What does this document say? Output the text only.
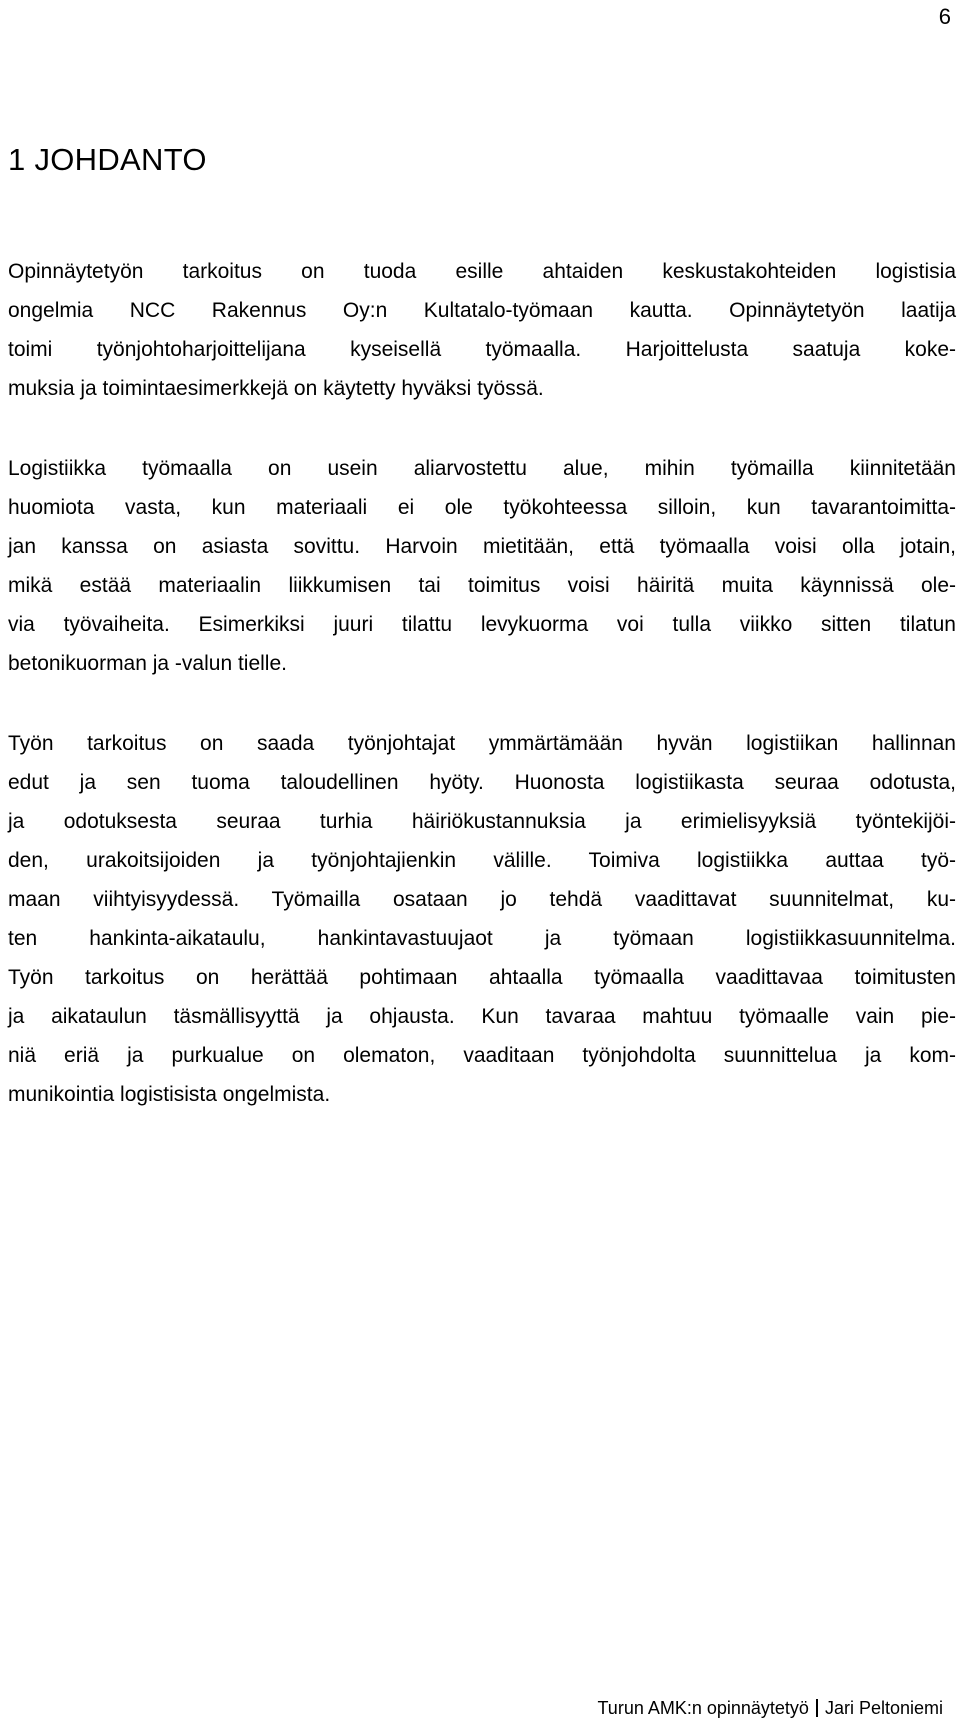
6
1 JOHDANTO

Opinnäytetyön tarkoitus on tuoda esille ahtaiden keskustakohteiden logistisia
ongelmia NCC Rakennus Oy:n Kultatalo-työmaan kautta. Opinnäytetyön laatija
toimi työnjohtoharjoittelijana kyseisellä työmaalla. Harjoittelusta saatuja koke-
muksia ja toimintaesimerkkejä on käytetty hyväksi työssä.

Logistiikka työmaalla on usein aliarvostettu alue, mihin työmailla kiinnitetään
huomiota vasta, kun materiaali ei ole työkohteessa silloin, kun tavarantoimitta-
jan kanssa on asiasta sovittu. Harvoin mietitään, että työmaalla voisi olla jotain,
mikä estää materiaalin liikkumisen tai toimitus voisi häiritä muita käynnissä ole-
via työvaiheita. Esimerkiksi juuri tilattu levykuorma voi tulla viikko sitten tilatun
betonikuorman ja -valun tielle.

Työn tarkoitus on saada työnjohtajat ymmärtämään hyvän logistiikan hallinnan
edut ja sen tuoma taloudellinen hyöty. Huonosta logistiikasta seuraa odotusta,
ja odotuksesta seuraa turhia häiriökustannuksia ja erimielisyyksiä työntekijöi-
den, urakoitsijoiden ja työnjohtajienkin välille. Toimiva logistiikka auttaa työ-
maan viihtyisyydessä. Työmailla osataan jo tehdä vaadittavat suunnitelmat, ku-
ten hankinta-aikataulu, hankintavastuujaot ja työmaan logistiikkasuunnitelma.
Työn tarkoitus on herättää pohtimaan ahtaalla työmaalla vaadittavaa toimitusten
ja aikataulun täsmällisyyttä ja ohjausta. Kun tavaraa mahtuu työmaalle vain pie-
niä eriä ja purkualue on olematon, vaaditaan työnjohdolta suunnittelua ja kom-
munikointia logistisista ongelmista.

Turun AMK:n opinnäytetyö Jari Peltoniemi
